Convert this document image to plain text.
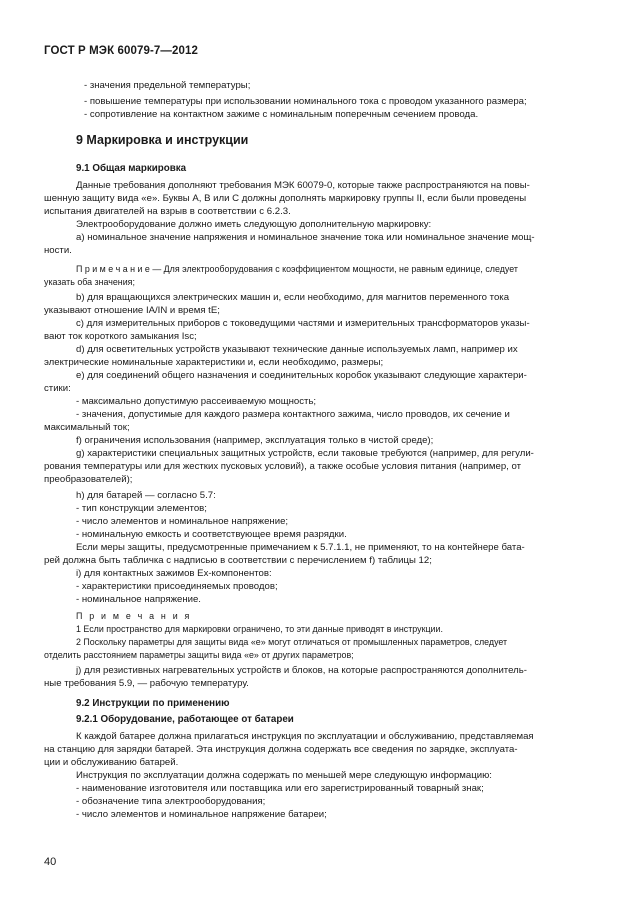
ГОСТ Р МЭК 60079-7—2012
- значения предельной температуры;
- повышение температуры при использовании номинального тока с проводом указанного размера;
- сопротивление на контактном зажиме с номинальным поперечным сечением провода.
9 Маркировка и инструкции
9.1 Общая маркировка
Данные требования дополняют требования МЭК 60079-0, которые также распространяются на повы-
шенную защиту вида «е». Буквы A, B или C должны дополнять маркировку группы II, если были проведены
испытания двигателей на взрыв в соответствии с 6.2.3.
Электрооборудование должно иметь следующую дополнительную маркировку:
a) номинальное значение напряжения и номинальное значение тока или номинальное значение мощ-
ности.
П р и м е ч а н и е — Для электрооборудования с коэффициентом мощности, не равным единице, следует
указать оба значения;
b) для вращающихся электрических машин и, если необходимо, для магнитов переменного тока
указывают отношение IA/IN и время tE;
c) для измерительных приборов с токоведущими частями и измерительных трансформаторов указы-
вают ток короткого замыкания Isc;
d) для осветительных устройств указывают технические данные используемых ламп, например их
электрические номинальные характеристики и, если необходимо, размеры;
e) для соединений общего назначения и соединительных коробок указывают следующие характери-
стики:
- максимально допустимую рассеиваемую мощность;
- значения, допустимые для каждого размера контактного зажима, число проводов, их сечение и
максимальный ток;
f) ограничения использования (например, эксплуатация только в чистой среде);
g) характеристики специальных защитных устройств, если таковые требуются (например, для регули-
рования температуры или для жестких пусковых условий), а также особые условия питания (например, от
преобразователей);
h) для батарей — согласно 5.7:
- тип конструкции элементов;
- число элементов и номинальное напряжение;
- номинальную емкость и соответствующее время разрядки.
Если меры защиты, предусмотренные примечанием к 5.7.1.1, не применяют, то на контейнере бата-
рей должна быть табличка с надписью в соответствии с перечислением f) таблицы 12;
i) для контактных зажимов Ex-компонентов:
- характеристики присоединяемых проводов;
- номинальное напряжение.
П р и м е ч а н и я
1 Если пространство для маркировки ограничено, то эти данные приводят в инструкции.
2 Поскольку параметры для защиты вида «е» могут отличаться от промышленных параметров, следует
отделить расстоянием параметры защиты вида «е» от других параметров;
j) для резистивных нагревательных устройств и блоков, на которые распространяются дополнитель-
ные требования 5.9, — рабочую температуру.
9.2 Инструкции по применению
9.2.1 Оборудование, работающее от батареи
К каждой батарее должна прилагаться инструкция по эксплуатации и обслуживанию, представляемая
на станцию для зарядки батарей. Эта инструкция должна содержать все сведения по зарядке, эксплуата-
ции и обслуживанию батарей.
Инструкция по эксплуатации должна содержать по меньшей мере следующую информацию:
- наименование изготовителя или поставщика или его зарегистрированный товарный знак;
- обозначение типа электрооборудования;
- число элементов и номинальное напряжение батареи;
40
